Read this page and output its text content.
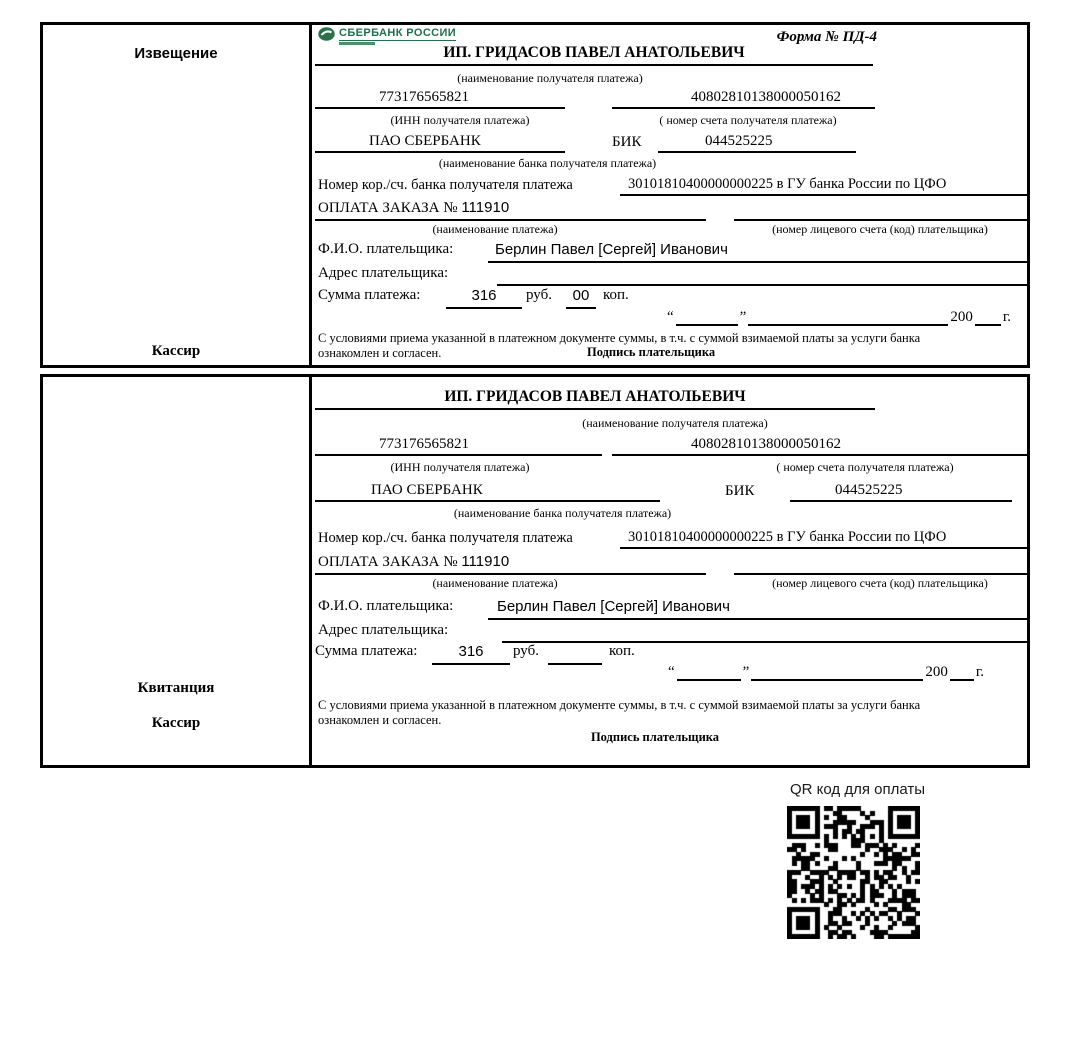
Извещение
Кассир
СБЕРБАНК РОССИИ	Форма № ПД-4
ИП. ГРИДАСОВ ПАВЕЛ АНАТОЛЬЕВИЧ
(наименование получателя платежа)
773176565821	40802810138000050162
(ИНН получателя платежа)	( номер счета получателя платежа)
ПАО СБЕРБАНК	БИК	044525225
(наименование банка получателя платежа)
Номер кор./сч. банка получателя платежа	30101810400000000225 в ГУ банка России по ЦФО
ОПЛАТА ЗАКАЗА № 111910
(наименование платежа)	(номер лицевого счета (код) плательщика)
Ф.И.О. плательщика:	Берлин Павел [Сергей] Иванович
Адрес плательщика:
Сумма платежа:	316	руб.	00 коп.
“	”	200 г.
С условиями приема указанной в платежном документе суммы, в т.ч. с суммой взимаемой платы за услуги банка
ознакомлен и согласен.	Подпись плательщика
Квитанция
Кассир
ИП. ГРИДАСОВ ПАВЕЛ АНАТОЛЬЕВИЧ
(наименование получателя платежа)
773176565821	40802810138000050162
(ИНН получателя платежа)	( номер счета получателя платежа)
ПАО СБЕРБАНК	БИК	044525225
(наименование банка получателя платежа)
Номер кор./сч. банка получателя платежа	30101810400000000225 в ГУ банка России по ЦФО
ОПЛАТА ЗАКАЗА № 111910
(наименование платежа)	(номер лицевого счета (код) плательщика)
Ф.И.О. плательщика:	Берлин Павел [Сергей] Иванович
Адрес плательщика:
Сумма платежа:	316	руб.	коп.
“	”	200 г.
С условиями приема указанной в платежном документе суммы, в т.ч. с суммой взимаемой платы за услуги банка
ознакомлен и согласен.
Подпись плательщика
QR код для оплаты
